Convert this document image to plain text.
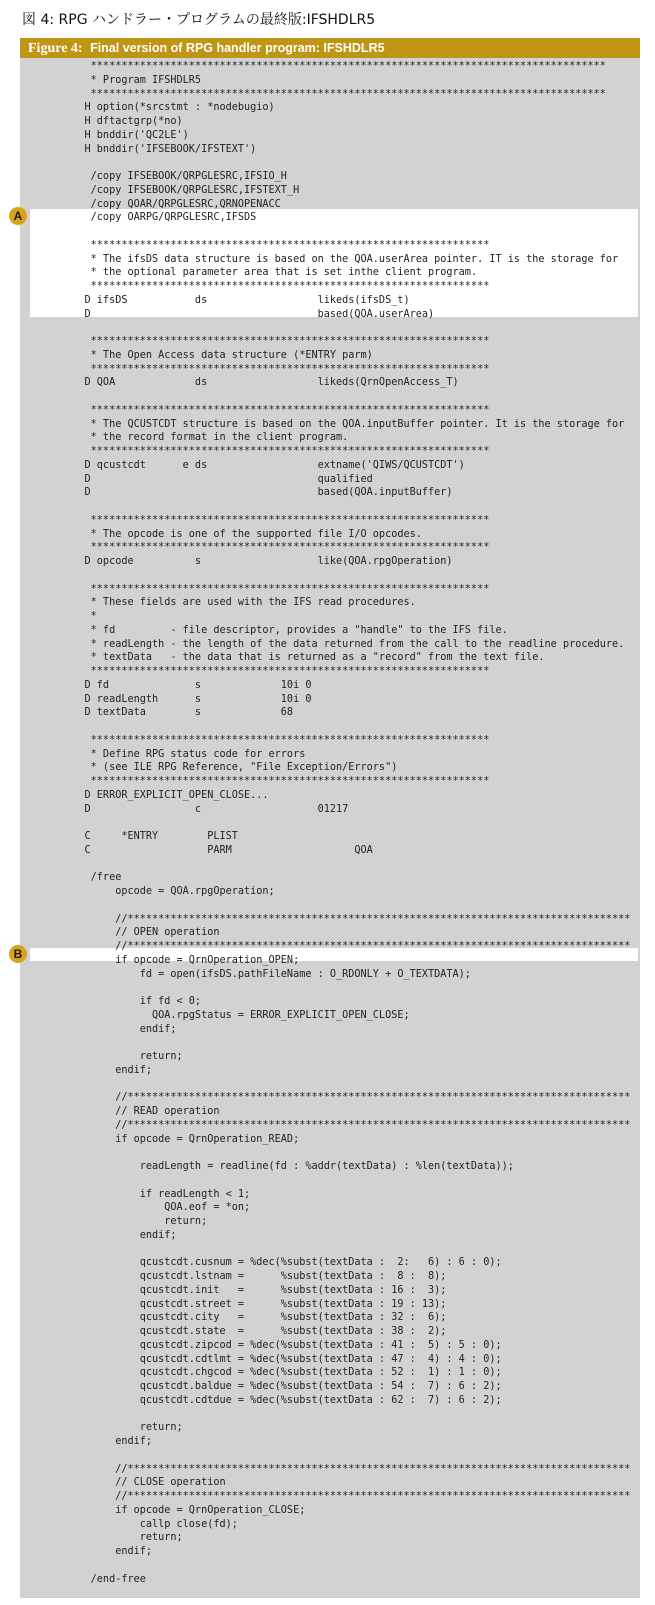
図 4: RPG ハンドラー・プログラムの最終版:IFSHDLR5
Figure 4: Final version of RPG handler program: IFSHDLR5
A
B
************************************************************************************
* Program IFSHDLR5
************************************************************************************
H option(*srcstmt : *nodebugio)
H dftactgrp(*no)
H bnddir('QC2LE')
H bnddir('IFSEBOOK/IFSTEXT')
/copy IFSEBOOK/QRPGLESRC,IFSIO_H
/copy IFSEBOOK/QRPGLESRC,IFSTEXT_H
/copy QOAR/QRPGLESRC,QRNOPENACC
/copy OARPG/QRPGLESRC,IFSDS
*****************************************************************
* The ifsDS data structure is based on the QOA.userArea pointer. IT is the storage for
* the optional parameter area that is set inthe client program.
*****************************************************************
D ifsDS           ds                  likeds(ifsDS_t)
D                                     based(QOA.userArea)
*****************************************************************
* The Open Access data structure (*ENTRY parm)
*****************************************************************
D QOA             ds                  likeds(QrnOpenAccess_T)
*****************************************************************
* The QCUSTCDT structure is based on the QOA.inputBuffer pointer. It is the storage for
* the record format in the client program.
*****************************************************************
D qcustcdt      e ds                  extname('QIWS/QCUSTCDT')
D                                     qualified
D                                     based(QOA.inputBuffer)
*****************************************************************
* The opcode is one of the supported file I/O opcodes.
*****************************************************************
D opcode          s                   like(QOA.rpgOperation)
*****************************************************************
* These fields are used with the IFS read procedures.
*
* fd         - file descriptor, provides a "handle" to the IFS file.
* readLength - the length of the data returned from the call to the readline procedure.
* textData   - the data that is returned as a "record" from the text file.
*****************************************************************
D fd              s             10i 0
D readLength      s             10i 0
D textData        s             68
*****************************************************************
* Define RPG status code for errors
* (see ILE RPG Reference, "File Exception/Errors")
*****************************************************************
D ERROR_EXPLICIT_OPEN_CLOSE...
D                 c                   01217
C     *ENTRY        PLIST
C                   PARM                    QOA
/free
opcode = QOA.rpgOperation;
//**********************************************************************************
// OPEN operation
//**********************************************************************************
if opcode = QrnOperation_OPEN;
fd = open(ifsDS.pathFileName : O_RDONLY + O_TEXTDATA);
if fd < 0;
QOA.rpgStatus = ERROR_EXPLICIT_OPEN_CLOSE;
endif;
return;
endif;
//**********************************************************************************
// READ operation
//**********************************************************************************
if opcode = QrnOperation_READ;
readLength = readline(fd : %addr(textData) : %len(textData));
if readLength < 1;
QOA.eof = *on;
return;
endif;
qcustcdt.cusnum = %dec(%subst(textData :  2:   6) : 6 : 0);
qcustcdt.lstnam =      %subst(textData :  8 :  8);
qcustcdt.init   =      %subst(textData : 16 :  3);
qcustcdt.street =      %subst(textData : 19 : 13);
qcustcdt.city   =      %subst(textData : 32 :  6);
qcustcdt.state  =      %subst(textData : 38 :  2);
qcustcdt.zipcod = %dec(%subst(textData : 41 :  5) : 5 : 0);
qcustcdt.cdtlmt = %dec(%subst(textData : 47 :  4) : 4 : 0);
qcustcdt.chgcod = %dec(%subst(textData : 52 :  1) : 1 : 0);
qcustcdt.baldue = %dec(%subst(textData : 54 :  7) : 6 : 2);
qcustcdt.cdtdue = %dec(%subst(textData : 62 :  7) : 6 : 2);
return;
endif;
//**********************************************************************************
// CLOSE operation
//**********************************************************************************
if opcode = QrnOperation_CLOSE;
callp close(fd);
return;
endif;
/end-free
